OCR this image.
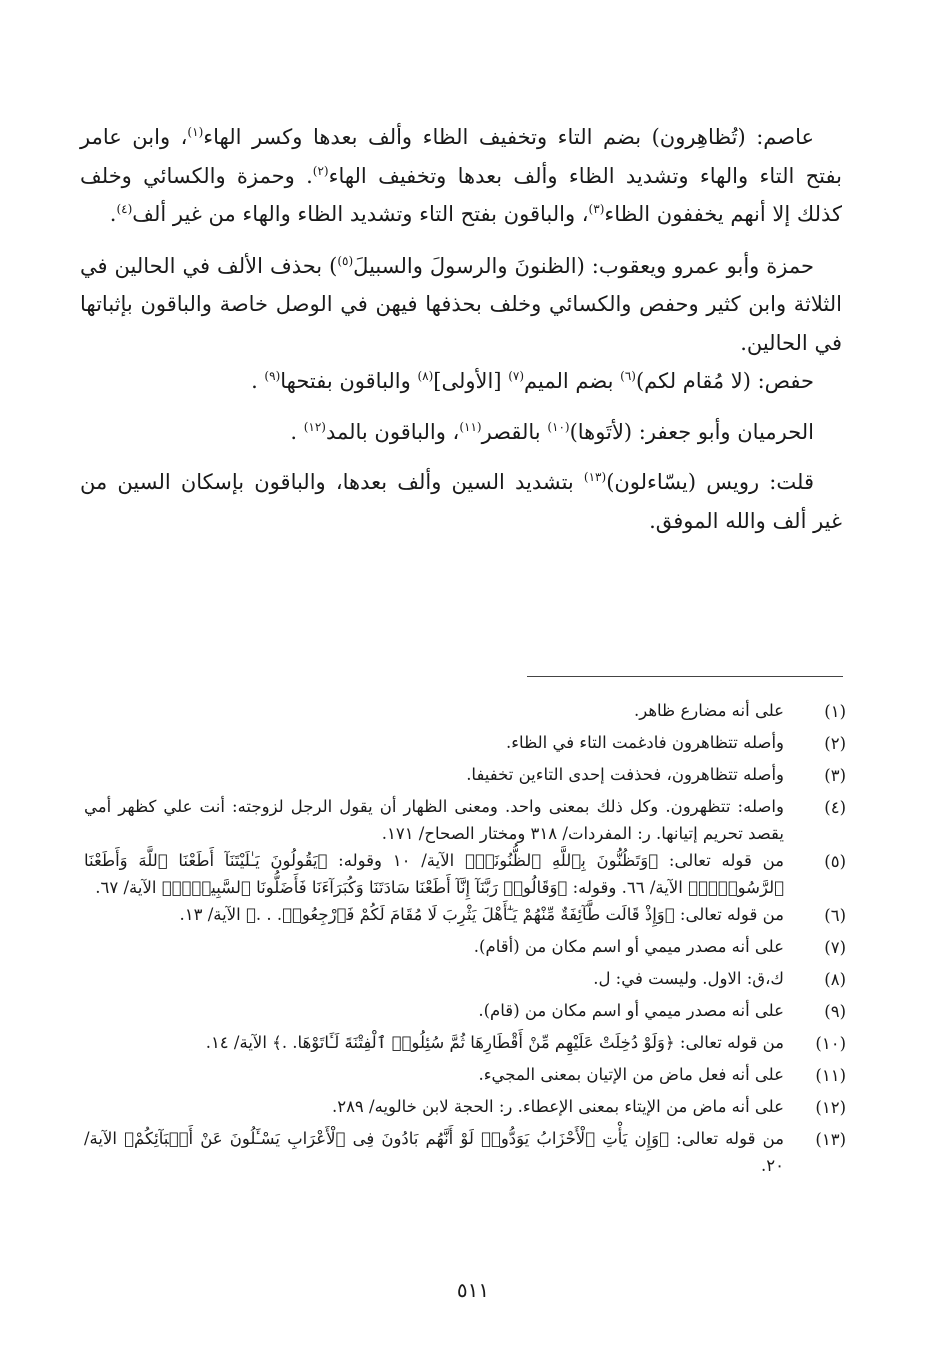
عاصم: (تُظاهِرون) بضم التاء وتخفيف الظاء وألف بعدها وكسر الهاء$^{(١)}$، وابن عامر بفتح التاء والهاء وتشديد الظاء وألف بعدها وتخفيف الهاء$^{(٢)}$. وحمزة والكسائي وخلف كذلك إلا أنهم يخففون الظاء$^{(٣)}$، والباقون بفتح التاء وتشديد الظاء والهاء من غير ألف$^{(٤)}$.

حمزة وأبو عمرو ويعقوب: (الظنونَ والرسولَ والسبيلَ$^{(٥)}$) بحذف الألف في الحالين في الثلاثة وابن كثير وحفص والكسائي وخلف بحذفها فيهن في الوصل خاصة والباقون بإثباتها في الحالين.

حفص: (لا مُقام لكم)$^{(٦)}$ بضم الميم$^{(٧)}$ [الأولى]$^{(٨)}$ والباقون بفتحها$^{(٩)}$ .

الحرميان وأبو جعفر: (لأتَوها)$^{(١٠)}$ بالقصر$^{(١١)}$، والباقون بالمد$^{(١٢)}$ .

قلت: رويس (يسّاءلون)$^{(١٣)}$ بتشديد السين وألف بعدها، والباقون بإسكان السين من غير ألف والله الموفق.

(١)
على أنه مضارع ظاهر.
(٢)
وأصله تتظاهرون فادغمت التاء في الظاء.
(٣)
وأصله تتظاهرون، فحذفت إحدى التاءين تخفيفا.
(٤)
واصله: تتظهرون. وكل ذلك بمعنى واحد. ومعنى الظهار أن يقول الرجل لزوجته: أنت علي كظهر أمي يقصد تحريم إتيانها. ر: المفردات/ ٣١٨ ومختار الصحاح/ ١٧١.
(٥)
من قوله تعالى: ﴿وَتَظُنُّونَ بِٱللَّهِ ٱلظُّنُونَا۠﴾ الآية/ ١٠ وقوله: ﴿يَقُولُونَ يَـٰلَيْتَنَآ أَطَعْنَا ٱللَّهَ وَأَطَعْنَا ٱلرَّسُولَا۠﴾ الآية/ ٦٦. وقوله: ﴿وَقَالُوا۟ رَبَّنَآ إِنَّآ أَطَعْنَا سَادَتَنَا وَكُبَرَآءَنَا فَأَضَلُّونَا ٱلسَّبِيلَا۠﴾ الآية/ ٦٧.
(٦)
من قوله تعالى: ﴿وَإِذْ قَالَت طَّآئِفَةٌ مِّنْهُمْ يَـٰٓأَهْلَ يَثْرِبَ لَا مُقَامَ لَكُمْ فَٱرْجِعُوا۟. . .﴾ الآية/ ١٣.
(٧)
على أنه مصدر ميمي أو اسم مكان من (أقام).
(٨)
ك،ق: الاول. وليست في: ل.
(٩)
على أنه مصدر ميمي أو اسم مكان من (قام).
(١٠)
من قوله تعالى: ﴿وَلَوْ دُخِلَتْ عَلَيْهِم مِّنْ أَقْطَارِهَا ثُمَّ سُئِلُوا۟ ٱلْفِتْنَةَ لَـَٔاتَوْهَا. .﴾ الآية/ ١٤.
(١١)
على أنه فعل ماض من الإتيان بمعنى المجيء.
(١٢)
على أنه ماض من الإيتاء بمعنى الإعطاء. ر: الحجة لابن خالويه/ ٢٨٩.
(١٣)
من قوله تعالى: ﴿وَإِن يَأْتِ ٱلْأَحْزَابُ يَوَدُّوا۟ لَوْ أَنَّهُم بَادُونَ فِى ٱلْأَعْرَابِ يَسْـَٔلُونَ عَنْ أَنۢبَآئِكُمْ﴾ الآية/ ٢٠.
٥١١
